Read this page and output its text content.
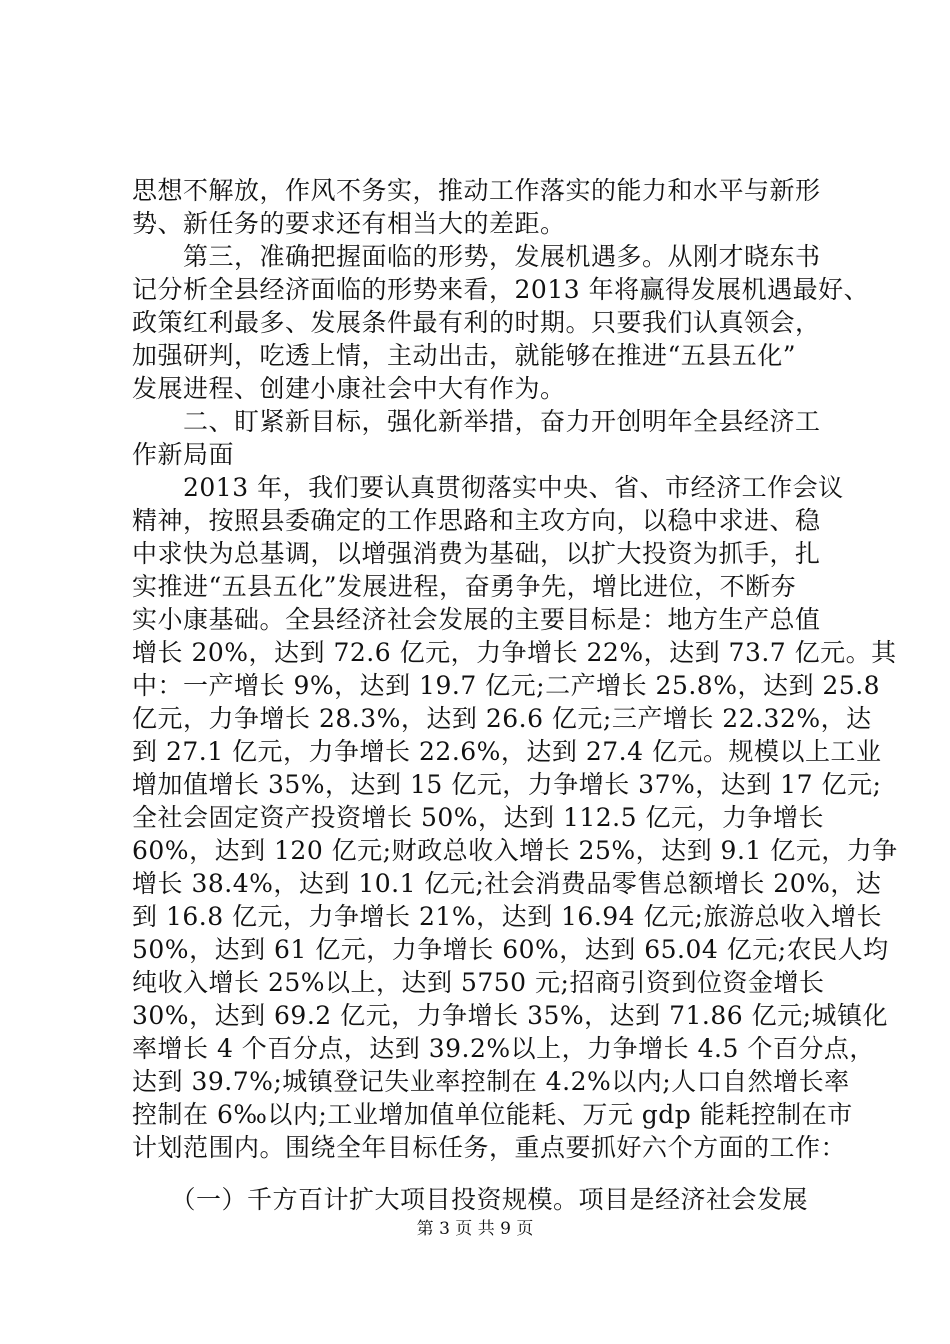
思想不解放，作风不务实，推动工作落实的能力和水平与新形
势、新任务的要求还有相当大的差距。
　　第三，准确把握面临的形势，发展机遇多。从刚才晓东书
记分析全县经济面临的形势来看，2013 年将赢得发展机遇最好、
政策红利最多、发展条件最有利的时期。只要我们认真领会，
加强研判，吃透上情，主动出击，就能够在推进“五县五化”
发展进程、创建小康社会中大有作为。
　　二、盯紧新目标，强化新举措，奋力开创明年全县经济工
作新局面
　　2013 年，我们要认真贯彻落实中央、省、市经济工作会议
精神，按照县委确定的工作思路和主攻方向，以稳中求进、稳
中求快为总基调，以增强消费为基础，以扩大投资为抓手，扎
实推进“五县五化”发展进程，奋勇争先，增比进位，不断夯
实小康基础。全县经济社会发展的主要目标是：地方生产总值
增长 20%，达到 72.6 亿元，力争增长 22%，达到 73.7 亿元。其
中：一产增长 9%，达到 19.7 亿元;二产增长 25.8%，达到 25.8
亿元，力争增长 28.3%，达到 26.6 亿元;三产增长 22.32%，达
到 27.1 亿元，力争增长 22.6%，达到 27.4 亿元。规模以上工业
增加值增长 35%，达到 15 亿元，力争增长 37%，达到 17 亿元;
全社会固定资产投资增长 50%，达到 112.5 亿元，力争增长
60%，达到 120 亿元;财政总收入增长 25%，达到 9.1 亿元，力争
增长 38.4%，达到 10.1 亿元;社会消费品零售总额增长 20%，达
到 16.8 亿元，力争增长 21%，达到 16.94 亿元;旅游总收入增长
50%，达到 61 亿元，力争增长 60%，达到 65.04 亿元;农民人均
纯收入增长 25%以上，达到 5750 元;招商引资到位资金增长
30%，达到 69.2 亿元，力争增长 35%，达到 71.86 亿元;城镇化
率增长 4 个百分点，达到 39.2%以上，力争增长 4.5 个百分点，
达到 39.7%;城镇登记失业率控制在 4.2%以内;人口自然增长率
控制在 6‰以内;工业增加值单位能耗、万元 gdp 能耗控制在市
计划范围内。围绕全年目标任务，重点要抓好六个方面的工作：
　　（一）千方百计扩大项目投资规模。项目是经济社会发展
第 3 页 共 9 页
